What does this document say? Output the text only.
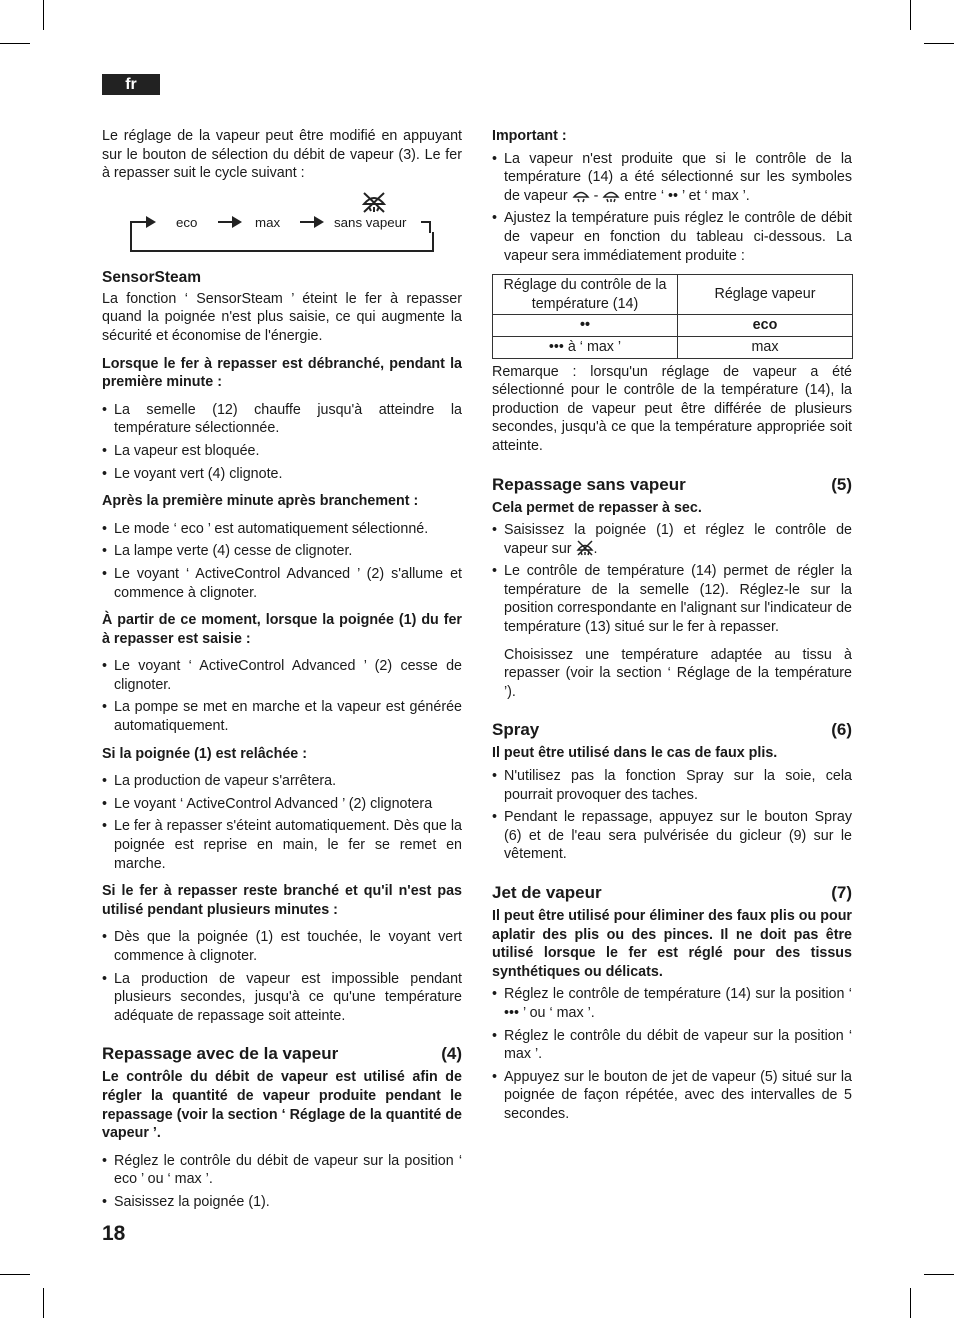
fr

Le réglage de la vapeur peut être modifié en appuyant sur le bouton de sélection du débit de vapeur (3). Le fer à repasser suit le cycle suivant :

eco	max	sans vapeur
SensorSteam

La fonction ‘ SensorSteam ’ éteint le fer à repasser quand la poignée n'est plus saisie, ce qui augmente la sécurité et économise de l'énergie.

Lorsque le fer à repasser est débranché, pendant la première minute :

• La semelle (12) chauffe jusqu'à atteindre la température sélectionnée.
• La vapeur est bloquée.
• Le voyant vert (4) clignote.

Après la première minute après branchement :

• Le mode ‘ eco ’ est automatiquement sélectionné.
• La lampe verte (4) cesse de clignoter.
• Le voyant ‘ ActiveControl Advanced ’ (2) s'allume et commence à clignoter.

À partir de ce moment, lorsque la poignée (1) du fer à repasser est saisie :

• Le voyant ‘ ActiveControl Advanced ’ (2) cesse de clignoter.
• La pompe se met en marche et la vapeur est générée automatiquement.

Si la poignée (1) est relâchée :

• La production de vapeur s'arrêtera.
• Le voyant ‘ ActiveControl Advanced ’ (2) clignotera
• Le fer à repasser s'éteint automatiquement. Dès que la poignée est reprise en main, le fer se remet en marche.

Si le fer à repasser reste branché et qu'il n'est pas utilisé pendant plusieurs minutes :

• Dès que la poignée (1) est touchée, le voyant vert commence à clignoter.
• La production de vapeur est impossible pendant plusieurs secondes, jusqu'à ce qu'une température adéquate de repassage soit atteinte.
Repassage avec de la vapeur	(4)

Le contrôle du débit de vapeur est utilisé afin de régler la quantité de vapeur produite pendant le repassage (voir la section ‘ Réglage de la quantité de vapeur ’.

• Réglez le contrôle du débit de vapeur sur la position ‘ eco ’ ou ‘ max ’.
• Saisissez la poignée (1).

Important :

• La vapeur n'est produite que si le contrôle de la température (14) a été sélectionné sur les symboles de vapeur - entre ‘ •• ’ et ‘ max ’.
• Ajustez la température puis réglez le contrôle de débit de vapeur en fonction du tableau ci-dessous. La vapeur sera immédiatement produite :
Réglage du contrôle de la température (14)	Réglage vapeur
••	eco
••• à ‘ max ’	max

Remarque : lorsqu'un réglage de vapeur a été sélectionné pour le contrôle de la température (14), la production de vapeur peut être différée de plusieurs secondes, jusqu'à ce que la température appropriée soit atteinte.

Repassage sans vapeur	(5)

Cela permet de repasser à sec.

• Saisissez la poignée (1) et réglez le contrôle de vapeur sur .
• Le contrôle de température (14) permet de régler la température de la semelle (12). Réglez-le sur la position correspondante en l'alignant sur l'indicateur de température (13) situé sur le fer à repasser.

Choisissez une température adaptée au tissu à repasser (voir la section ‘ Réglage de la température ’).

Spray	(6)

Il peut être utilisé dans le cas de faux plis.

• N'utilisez pas la fonction Spray sur la soie, cela pourrait provoquer des taches.
• Pendant le repassage, appuyez sur le bouton Spray (6) et de l'eau sera pulvérisée du gicleur (9) sur le vêtement.
Jet de vapeur	(7)

Il peut être utilisé pour éliminer des faux plis ou pour aplatir des plis ou des pinces. Il ne doit pas être utilisé lorsque le fer est réglé pour des tissus synthétiques ou délicats.

• Réglez le contrôle de température (14) sur la position ‘ ••• ’ ou ‘ max ’.
• Réglez le contrôle du débit de vapeur sur la position ‘ max ’.
• Appuyez sur le bouton de jet de vapeur (5) situé sur la poignée de façon répétée, avec des intervalles de 5 secondes.
18
